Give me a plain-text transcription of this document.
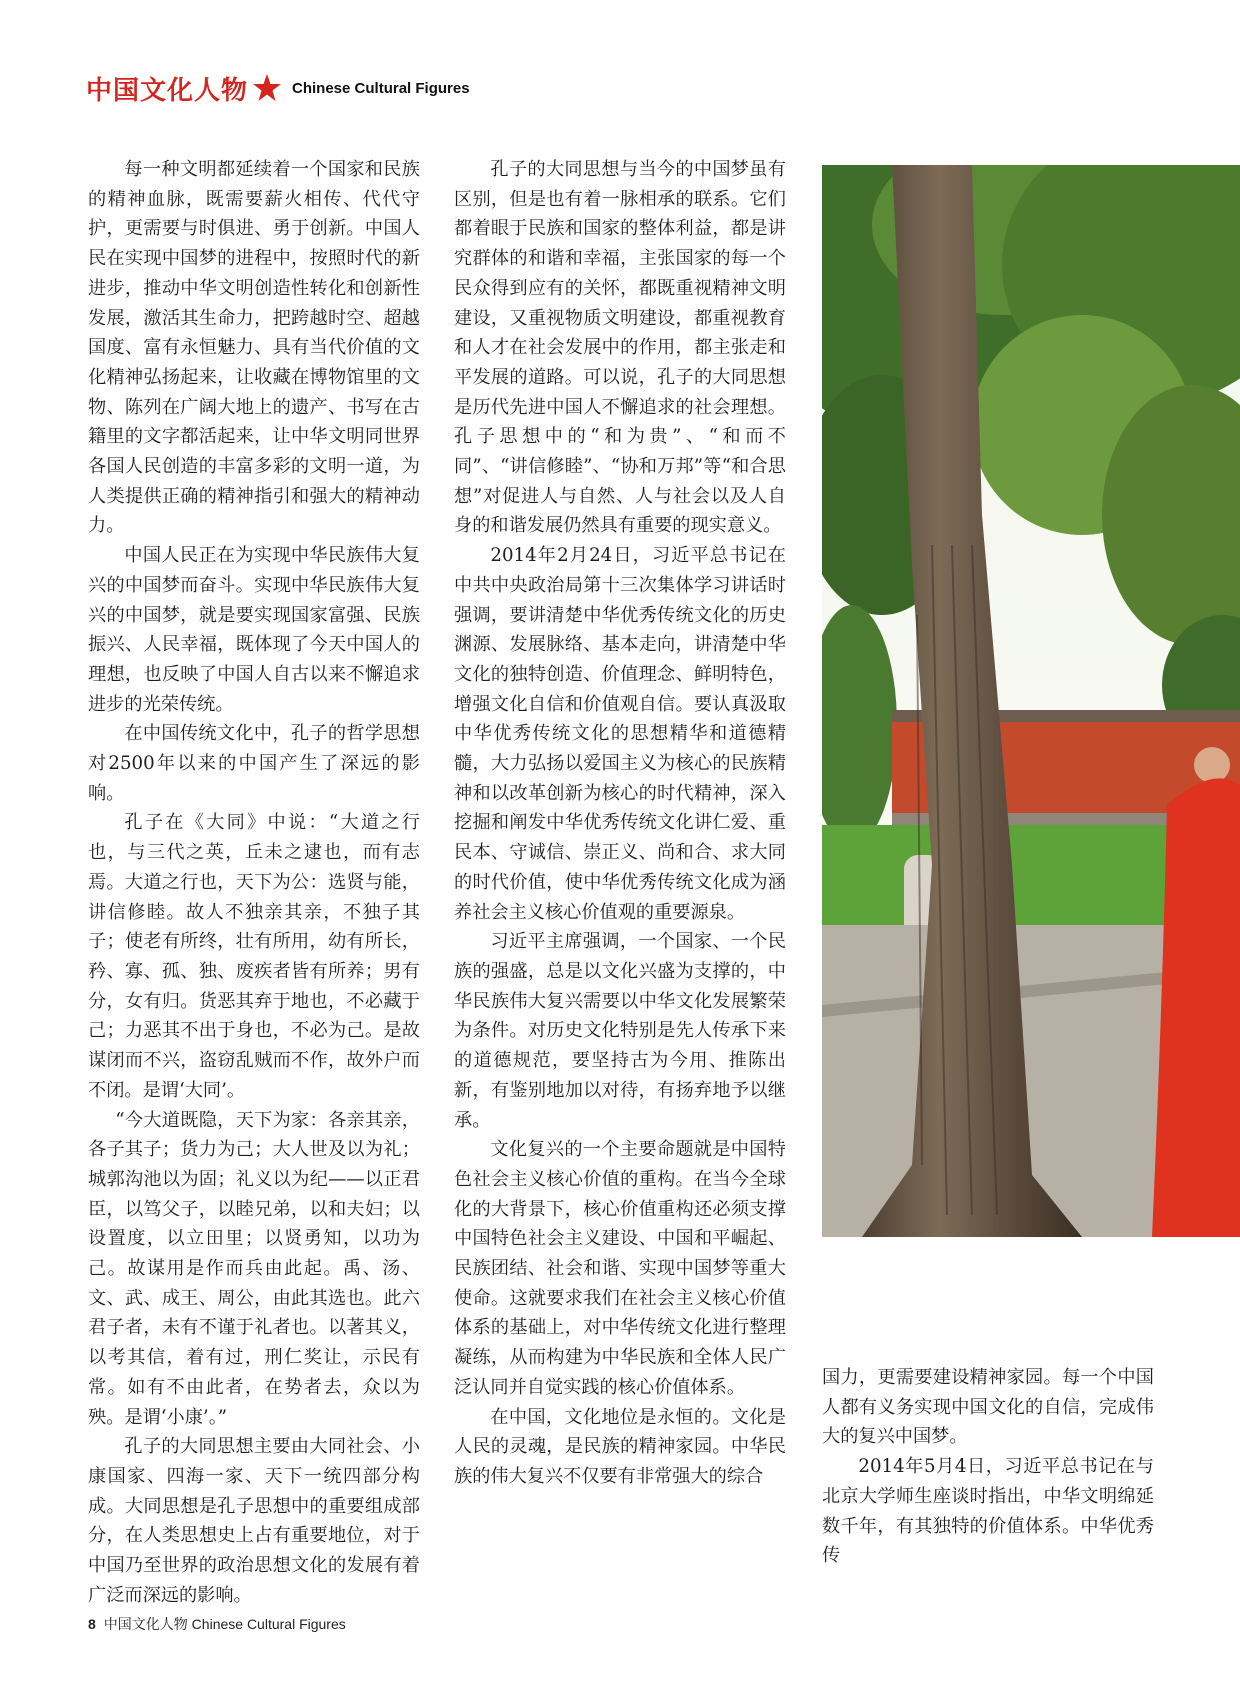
中国文化人物	Chinese Cultural Figures

每一种文明都延续着一个国家和民族的精神血脉，既需要薪火相传、代代守护，更需要与时俱进、勇于创新。中国人民在实现中国梦的进程中，按照时代的新进步，推动中华文明创造性转化和创新性发展，激活其生命力，把跨越时空、超越国度、富有永恒魅力、具有当代价值的文化精神弘扬起来，让收藏在博物馆里的文物、陈列在广阔大地上的遗产、书写在古籍里的文字都活起来，让中华文明同世界各国人民创造的丰富多彩的文明一道，为人类提供正确的精神指引和强大的精神动力。

中国人民正在为实现中华民族伟大复兴的中国梦而奋斗。实现中华民族伟大复兴的中国梦，就是要实现国家富强、民族振兴、人民幸福，既体现了今天中国人的理想，也反映了中国人自古以来不懈追求进步的光荣传统。

在中国传统文化中，孔子的哲学思想对2500年以来的中国产生了深远的影响。

孔子在《大同》中说：“大道之行也，与三代之英，丘未之逮也，而有志焉。大道之行也，天下为公：选贤与能，讲信修睦。故人不独亲其亲，不独子其子；使老有所终，壮有所用，幼有所长，矜、寡、孤、独、废疾者皆有所养；男有分，女有归。货恶其弃于地也，不必藏于己；力恶其不出于身也，不必为己。是故谋闭而不兴，盗窃乱贼而不作，故外户而不闭。是谓‘大同’。

“今大道既隐，天下为家：各亲其亲，各子其子；货力为己；大人世及以为礼；城郭沟池以为固；礼义以为纪——以正君臣，以笃父子，以睦兄弟，以和夫妇；以设置度，以立田里；以贤勇知，以功为己。故谋用是作而兵由此起。禹、汤、文、武、成王、周公，由此其选也。此六君子者，未有不谨于礼者也。以著其义，以考其信，着有过，刑仁奖让，示民有常。如有不由此者，在势者去，众以为殃。是谓‘小康’。”

孔子的大同思想主要由大同社会、小康国家、四海一家、天下一统四部分构成。大同思想是孔子思想中的重要组成部分，在人类思想史上占有重要地位，对于中国乃至世界的政治思想文化的发展有着广泛而深远的影响。

孔子的大同思想与当今的中国梦虽有区别，但是也有着一脉相承的联系。它们都着眼于民族和国家的整体利益，都是讲究群体的和谐和幸福，主张国家的每一个民众得到应有的关怀，都既重视精神文明建设，又重视物质文明建设，都重视教育和人才在社会发展中的作用，都主张走和平发展的道路。可以说，孔子的大同思想是历代先进中国人不懈追求的社会理想。孔子思想中的“和为贵”、“和而不同”、“讲信修睦”、“协和万邦”等“和合思想”对促进人与自然、人与社会以及人自身的和谐发展仍然具有重要的现实意义。

2014年2月24日，习近平总书记在中共中央政治局第十三次集体学习讲话时强调，要讲清楚中华优秀传统文化的历史渊源、发展脉络、基本走向，讲清楚中华文化的独特创造、价值理念、鲜明特色，增强文化自信和价值观自信。要认真汲取中华优秀传统文化的思想精华和道德精髓，大力弘扬以爱国主义为核心的民族精神和以改革创新为核心的时代精神，深入挖掘和阐发中华优秀传统文化讲仁爱、重民本、守诚信、崇正义、尚和合、求大同的时代价值，使中华优秀传统文化成为涵养社会主义核心价值观的重要源泉。

习近平主席强调，一个国家、一个民族的强盛，总是以文化兴盛为支撑的，中华民族伟大复兴需要以中华文化发展繁荣为条件。对历史文化特别是先人传承下来的道德规范，要坚持古为今用、推陈出新，有鉴别地加以对待，有扬弃地予以继承。

文化复兴的一个主要命题就是中国特色社会主义核心价值的重构。在当今全球化的大背景下，核心价值重构还必须支撑中国特色社会主义建设、中国和平崛起、民族团结、社会和谐、实现中国梦等重大使命。这就要求我们在社会主义核心价值体系的基础上，对中华传统文化进行整理凝练，从而构建为中华民族和全体人民广泛认同并自觉实践的核心价值体系。

在中国，文化地位是永恒的。文化是人民的灵魂，是民族的精神家园。中华民族的伟大复兴不仅要有非常强大的综合

国力，更需要建设精神家园。每一个中国人都有义务实现中国文化的自信，完成伟大的复兴中国梦。

2014年5月4日，习近平总书记在与北京大学师生座谈时指出，中华文明绵延数千年，有其独特的价值体系。中华优秀传

8 中国文化人物 Chinese Cultural Figures
